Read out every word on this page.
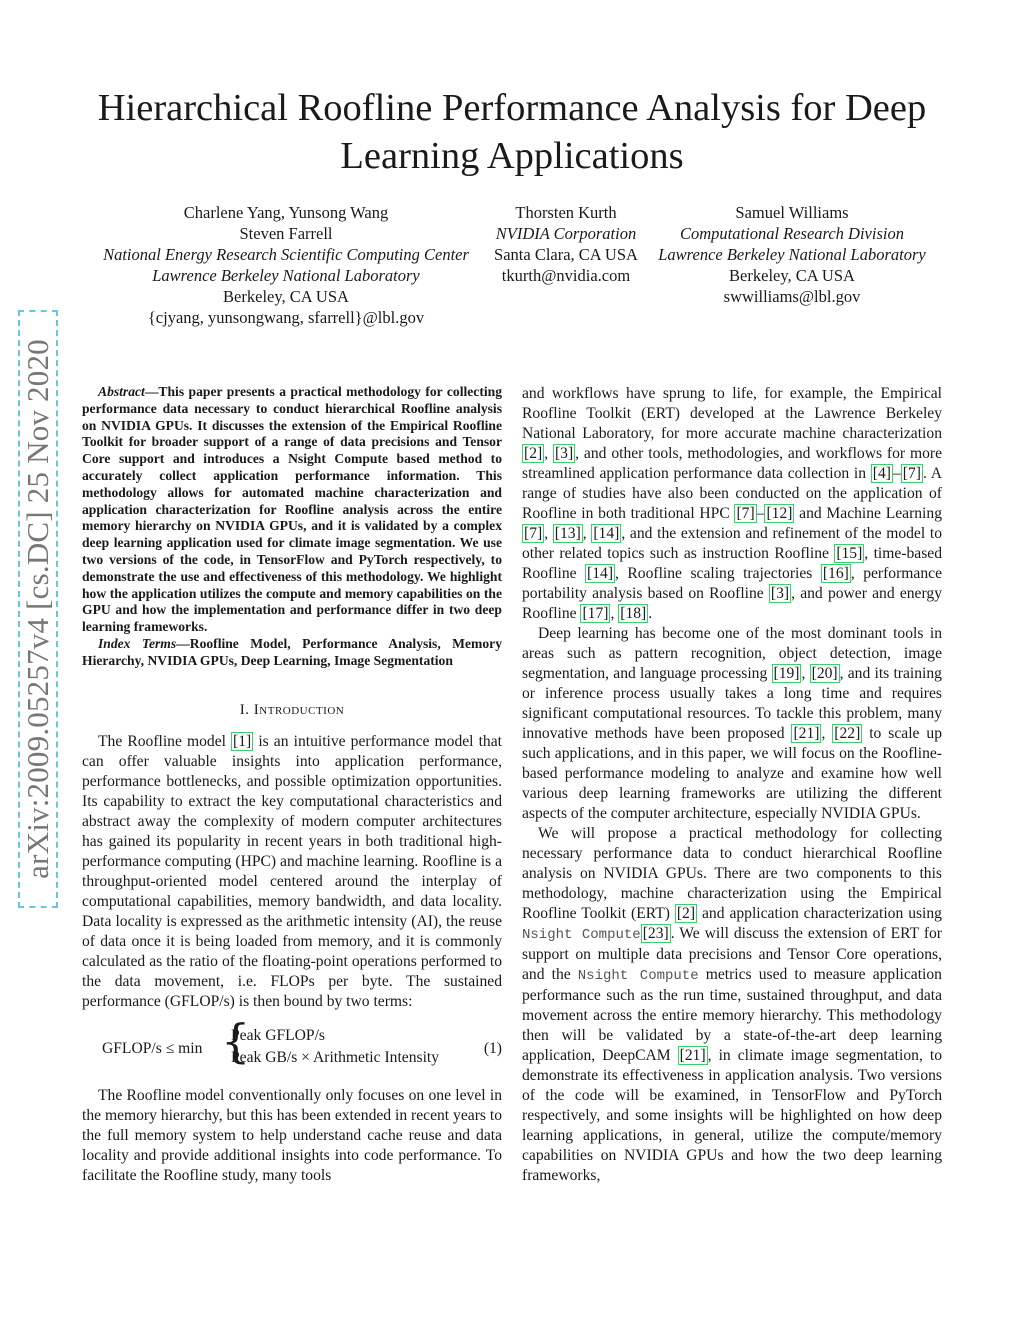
arXiv:2009.05257v4 [cs.DC] 25 Nov 2020
Hierarchical Roofline Performance Analysis for Deep Learning Applications
Charlene Yang, Yunsong Wang
Steven Farrell
National Energy Research Scientific Computing Center
Lawrence Berkeley National Laboratory
Berkeley, CA USA
{cjyang, yunsongwang, sfarrell}@lbl.gov
Thorsten Kurth
NVIDIA Corporation
Santa Clara, CA USA
tkurth@nvidia.com
Samuel Williams
Computational Research Division
Lawrence Berkeley National Laboratory
Berkeley, CA USA
swwilliams@lbl.gov

Abstract—This paper presents a practical methodology for collecting performance data necessary to conduct hierarchical Roofline analysis on NVIDIA GPUs. It discusses the extension of the Empirical Roofline Toolkit for broader support of a range of data precisions and Tensor Core support and introduces a Nsight Compute based method to accurately collect application performance information. This methodology allows for automated machine characterization and application characterization for Roofline analysis across the entire memory hierarchy on NVIDIA GPUs, and it is validated by a complex deep learning application used for climate image segmentation. We use two versions of the code, in TensorFlow and PyTorch respectively, to demonstrate the use and effectiveness of this methodology. We highlight how the application utilizes the compute and memory capabilities on the GPU and how the implementation and performance differ in two deep learning frameworks.

Index Terms—Roofline Model, Performance Analysis, Memory Hierarchy, NVIDIA GPUs, Deep Learning, Image Segmentation

I. Introduction

The Roofline model [1] is an intuitive performance model that can offer valuable insights into application performance, performance bottlenecks, and possible optimization opportunities. Its capability to extract the key computational characteristics and abstract away the complexity of modern computer architectures has gained its popularity in recent years in both traditional high-performance computing (HPC) and machine learning. Roofline is a throughput-oriented model centered around the interplay of computational capabilities, memory bandwidth, and data locality. Data locality is expressed as the arithmetic intensity (AI), the reuse of data once it is being loaded from memory, and it is commonly calculated as the ratio of the floating-point operations performed to the data movement, i.e. FLOPs per byte. The sustained performance (GFLOP/s) is then bound by two terms:

GFLOP/s ≤ min {
Peak GFLOP/s
Peak GB/s × Arithmetic Intensity
(1)

The Roofline model conventionally only focuses on one level in the memory hierarchy, but this has been extended in recent years to the full memory system to help understand cache reuse and data locality and provide additional insights into code performance. To facilitate the Roofline study, many tools

and workflows have sprung to life, for example, the Empirical Roofline Toolkit (ERT) developed at the Lawrence Berkeley National Laboratory, for more accurate machine characterization [2] , [3] , and other tools, methodologies, and workflows for more streamlined application performance data collection in [4] – [7] . A range of studies have also been conducted on the application of Roofline in both traditional HPC [7] – [12] and Machine Learning [7] , [13] , [14] , and the extension and refinement of the model to other related topics such as instruction Roofline [15] , time-based Roofline [14] , Roofline scaling trajectories [16] , performance portability analysis based on Roofline [3] , and power and energy Roofline [17] , [18] .

Deep learning has become one of the most dominant tools in areas such as pattern recognition, object detection, image segmentation, and language processing [19] , [20] , and its training or inference process usually takes a long time and requires significant computational resources. To tackle this problem, many innovative methods have been proposed [21] , [22] to scale up such applications, and in this paper, we will focus on the Roofline-based performance modeling to analyze and examine how well various deep learning frameworks are utilizing the different aspects of the computer architecture, especially NVIDIA GPUs.

We will propose a practical methodology for collecting necessary performance data to conduct hierarchical Roofline analysis on NVIDIA GPUs. There are two components to this methodology, machine characterization using the Empirical Roofline Toolkit (ERT) [2] and application characterization using Nsight Compute [23] . We will discuss the extension of ERT for support on multiple data precisions and Tensor Core operations, and the Nsight Compute metrics used to measure application performance such as the run time, sustained throughput, and data movement across the entire memory hierarchy. This methodology then will be validated by a state-of-the-art deep learning application, DeepCAM [21] , in climate image segmentation, to demonstrate its effectiveness in application analysis. Two versions of the code will be examined, in TensorFlow and PyTorch respectively, and some insights will be highlighted on how deep learning applications, in general, utilize the compute/memory capabilities on NVIDIA GPUs and how the two deep learning frameworks,
